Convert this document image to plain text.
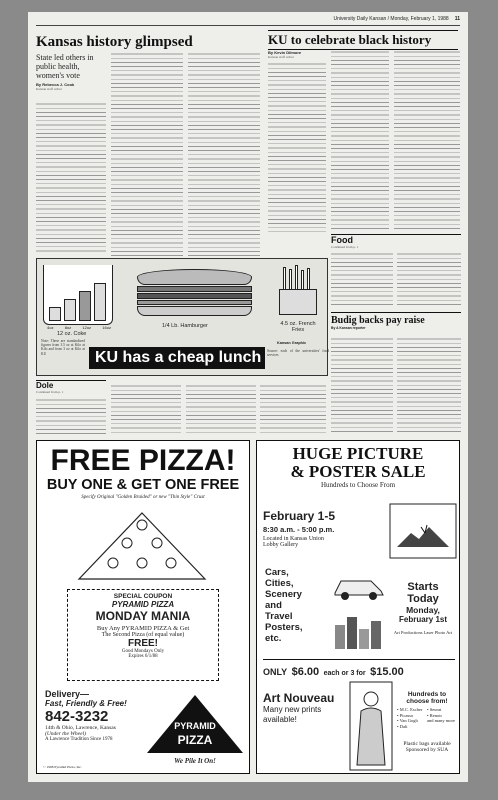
University Daily Kansan / Monday, February 1, 1988 11
Kansas history glimpsed
State led others in public health, women's vote
By Rebecca J. Cook
Kansan staff writer
KU to celebrate black history
By Kevin Dilmore
Kansan staff writer
Food
Continued from p. 1
4oz	8oz	12oz	16oz
12 oz. Coke
1/4 Lb. Hamburger	4.5 oz. French Fries
Note: These are standardized figures from 3.5 oz at Kilo at Kilo and from 3 oz at Kilo at KU
Kansan Graphic
Source: each of the universities' food services
KU has a cheap lunch
Budig backs pay raise
By A Kansan reporter
Dole
Continued from p. 1
FREE PIZZA!
BUY ONE & GET ONE FREE
Specify Original "Golden Braided" or new "Thin Style" Crust
SPECIAL COUPON
PYRAMID PIZZA
MONDAY MANIA
Buy Any PYRAMID PIZZA & Get
The Second Pizza (of equal value)
FREE!
Good Mondays Only
Expires 6/1/88
Delivery—
Fast, Friendly & Free!
842-3232
14th & Ohio, Lawrence, Kansas
(Under the Wheel)
A Lawrence Tradition Since 1978
PYRAMID
PIZZA
We Pile It On!
© 1988 Pyramid Pizza, Inc.
HUGE PICTURE
& POSTER SALE
Hundreds to Choose From
February 1-5
8:30 a.m. - 5:00 p.m.
Located in Kansas Union
Lobby Gallery
Cars,
Cities,
Scenery
and
Travel
Posters,
etc.
Starts
Today
Monday,
February 1st
Art Productions Laser Photo Art
ONLY $6.00 each or 3 for $15.00
Art Nouveau
Many new prints available!
Hundreds to choose from!
• M.C. Escher	• Seurat
• Picasso	• Renoir
• Van Gogh	and many more
• Dali
Plastic bags available
Sponsored by SUA
